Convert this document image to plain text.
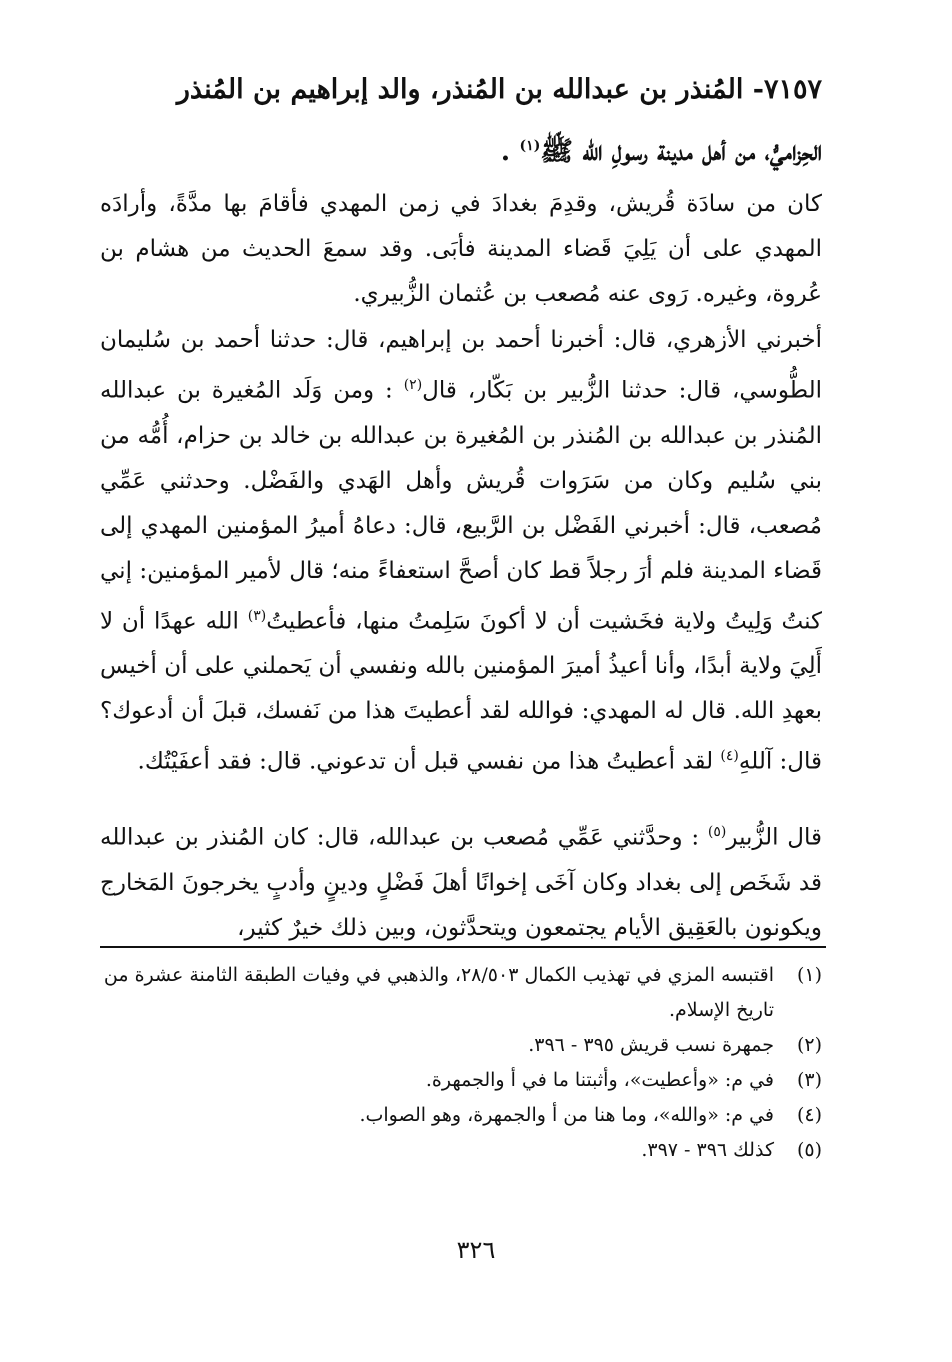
٧١٥٧- المُنذر بن عبدالله بن المُنذر، والد إبراهيم بن المُنذر
الحِزاميُّ، من أهل مدينة رسولِ الله ﷺ$^{(١)}$ .
كان من سادَة قُريش، وقدِمَ بغدادَ في زمن المهدي فأقامَ بها مدَّةً، وأرادَه المهدي على أن يَلِيَ قَضاء المدينة فأبَى. وقد سمعَ الحديث من هشام بن عُروة، وغيره. رَوى عنه مُصعب بن عُثمان الزُّبيري.
أخبرني الأزهري، قال: أخبرنا أحمد بن إبراهيم، قال: حدثنا أحمد بن سُليمان الطُّوسي، قال: حدثنا الزُّبير بن بَكّار، قال$^{(٢)}$ : ومن وَلَد المُغيرة بن عبدالله المُنذر بن عبدالله بن المُنذر بن المُغيرة بن عبدالله بن خالد بن حزام، أُمُّه من بني سُليم وكان من سَرَوات قُريش وأهل الهَدي والفَضْل. وحدثني عَمِّي مُصعب، قال: أخبرني الفَضْل بن الرَّبيع، قال: دعاهُ أميرُ المؤمنين المهدي إلى قَضاء المدينة فلم أرَ رجلاً قط كان أصحَّ استعفاءً منه؛ قال لأمير المؤمنين: إني كنتُ وَلِيتُ ولاية فخَشيت أن لا أكونَ سَلِمتُ منها، فأعطيتُ$^{(٣)}$ الله عهدًا أن لا أَلِيَ ولاية أبدًا، وأنا أعيذُ أميرَ المؤمنين بالله ونفسي أن يَحملني على أن أخيس بعهدِ الله. قال له المهدي: فوالله لقد أعطيتَ هذا من نَفسك، قبلَ أن أدعوك؟ قال: آللهِ$^{(٤)}$ لقد أعطيتُ هذا من نفسي قبل أن تدعوني. قال: فقد أعفَيْتُك.
قال الزُّبير$^{(٥)}$ : وحدَّثني عَمِّي مُصعب بن عبدالله، قال: كان المُنذر بن عبدالله قد شَخَص إلى بغداد وكان آخَى إخوانًا أهلَ فَضْلٍ ودينٍ وأدبٍ يخرجونَ المَخارج ويكونون بالعَقِيق الأيام يجتمعون ويتحدَّثون، وبين ذلك خيرٌ كثير،
(١)
اقتبسه المزي في تهذيب الكمال ٢٨/٥٠٣، والذهبي في وفيات الطبقة الثامنة عشرة من تاريخ الإسلام.
(٢)
جمهرة نسب قريش ٣٩٥ - ٣٩٦.
(٣)
في م: «وأعطيت»، وأثبتنا ما في أ والجمهرة.
(٤)
في م: «والله»، وما هنا من أ والجمهرة، وهو الصواب.
(٥)
كذلك ٣٩٦ - ٣٩٧.
٣٢٦
